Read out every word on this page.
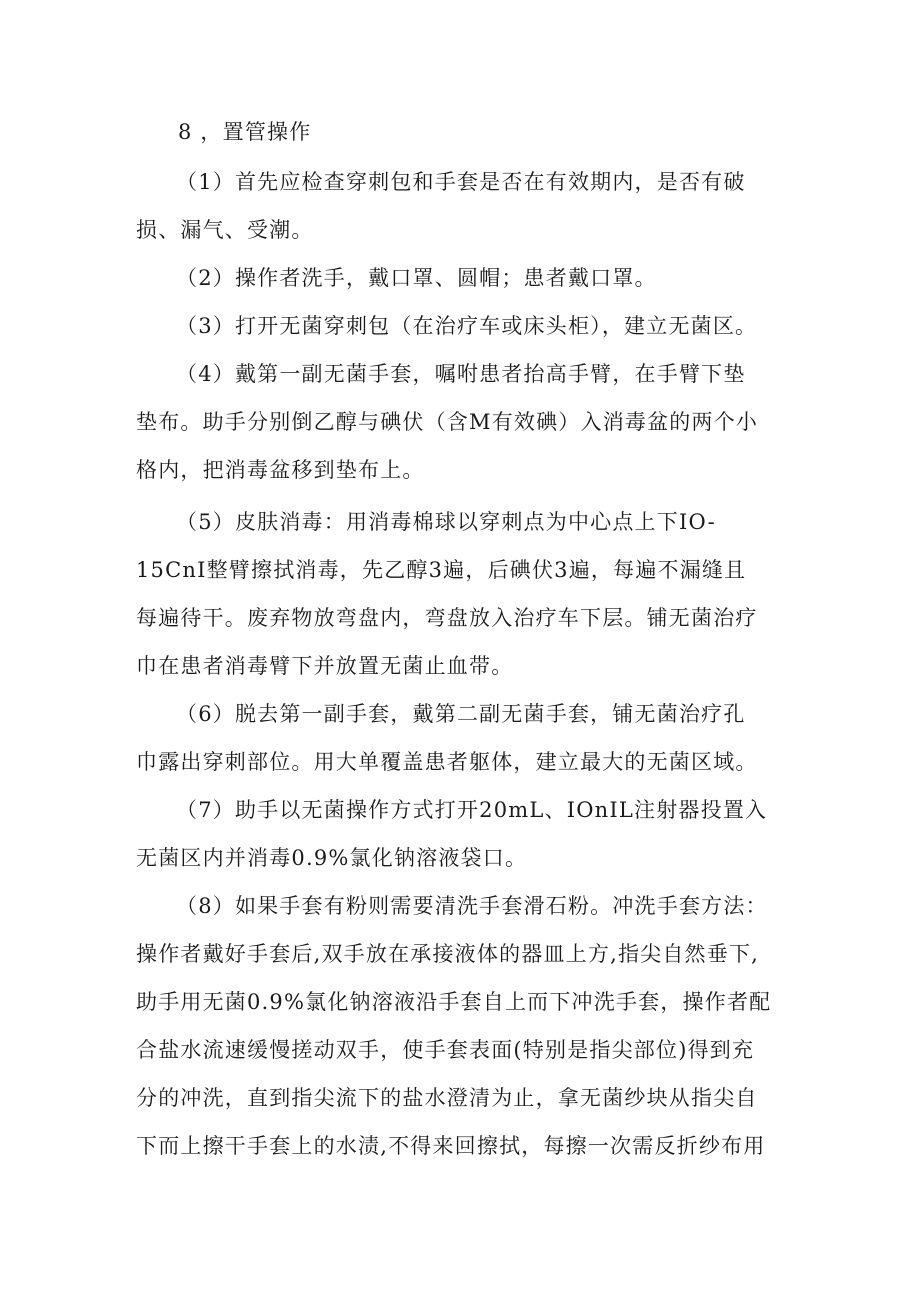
8 ，置管操作
（1）首先应检查穿刺包和手套是否在有效期内，是否有破
损、漏气、受潮。
（2）操作者洗手，戴口罩、圆帽；患者戴口罩。
（3）打开无菌穿刺包（在治疗车或床头柜），建立无菌区。
（4）戴第一副无菌手套，嘱咐患者抬高手臂，在手臂下垫
垫布。助手分别倒乙醇与碘伏（含M有效碘）入消毒盆的两个小
格内，把消毒盆移到垫布上。
（5）皮肤消毒：用消毒棉球以穿刺点为中心点上下IO-
15CnI整臂擦拭消毒，先乙醇3遍，后碘伏3遍，每遍不漏缝且
每遍待干。废弃物放弯盘内，弯盘放入治疗车下层。铺无菌治疗
巾在患者消毒臂下并放置无菌止血带。
（6）脱去第一副手套，戴第二副无菌手套，铺无菌治疗孔
巾露出穿刺部位。用大单覆盖患者躯体，建立最大的无菌区域。
（7）助手以无菌操作方式打开20mL、IOnIL注射器投置入
无菌区内并消毒0.9%氯化钠溶液袋口。
（8）如果手套有粉则需要清洗手套滑石粉。冲洗手套方法：
操作者戴好手套后,双手放在承接液体的器皿上方,指尖自然垂下,
助手用无菌0.9%氯化钠溶液沿手套自上而下冲洗手套，操作者配
合盐水流速缓慢搓动双手，使手套表面(特别是指尖部位)得到充
分的冲洗，直到指尖流下的盐水澄清为止，拿无菌纱块从指尖自
下而上擦干手套上的水渍,不得来回擦拭，每擦一次需反折纱布用
